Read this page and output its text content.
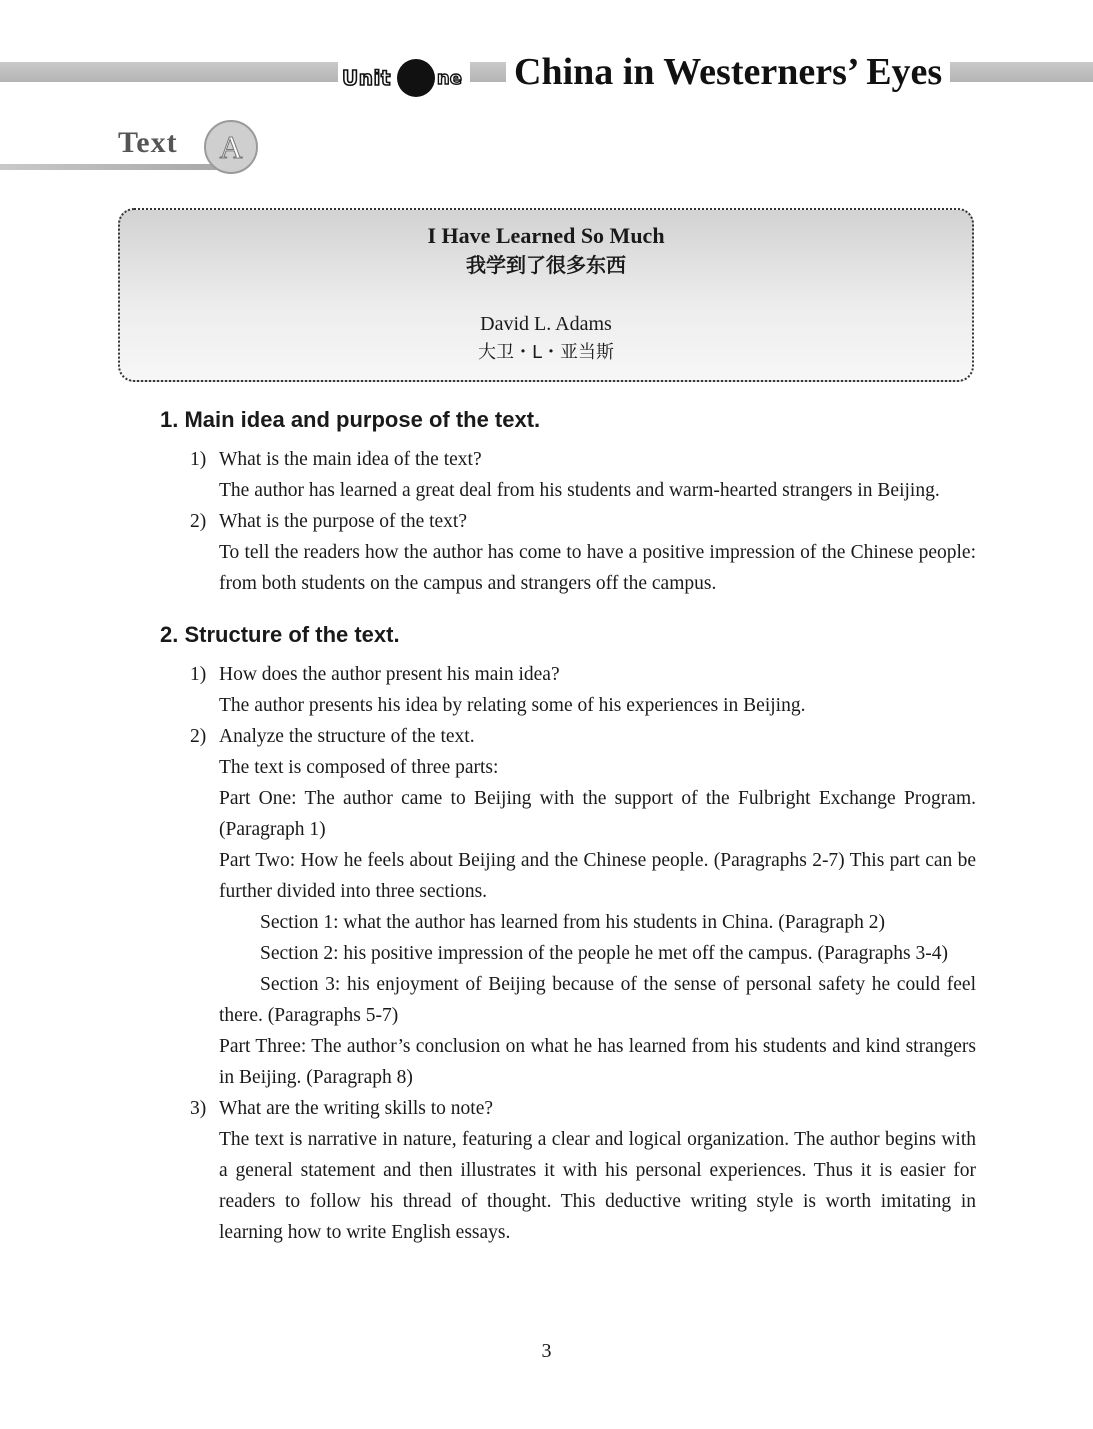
Unit	ne China in Westerners’ Eyes
Text	A
I Have Learned So Much
我学到了很多东西
David L. Adams
大卫・L・亚当斯
1. Main idea and purpose of the text.
1) What is the main idea of the text?
The author has learned a great deal from his students and warm-hearted strangers in Beijing.
2) What is the purpose of the text?
To tell the readers how the author has come to have a positive impression of the Chinese people: from both students on the campus and strangers off the campus.
2. Structure of the text.
1) How does the author present his main idea?
The author presents his idea by relating some of his experiences in Beijing.
2) Analyze the structure of the text.
The text is composed of three parts:
Part One: The author came to Beijing with the support of the Fulbright Exchange Program. (Paragraph 1)
Part Two: How he feels about Beijing and the Chinese people. (Paragraphs 2-7) This part can be further divided into three sections.
Section 1: what the author has learned from his students in China. (Paragraph 2)
Section 2: his positive impression of the people he met off the campus. (Paragraphs 3-4)
Section 3: his enjoyment of Beijing because of the sense of personal safety he could feel there. (Paragraphs 5-7)
Part Three: The author’s conclusion on what he has learned from his students and kind strangers in Beijing. (Paragraph 8)
3) What are the writing skills to note?
The text is narrative in nature, featuring a clear and logical organization. The author begins with a general statement and then illustrates it with his personal experiences. Thus it is easier for readers to follow his thread of thought. This deductive writing style is worth imitating in learning how to write English essays.
3
